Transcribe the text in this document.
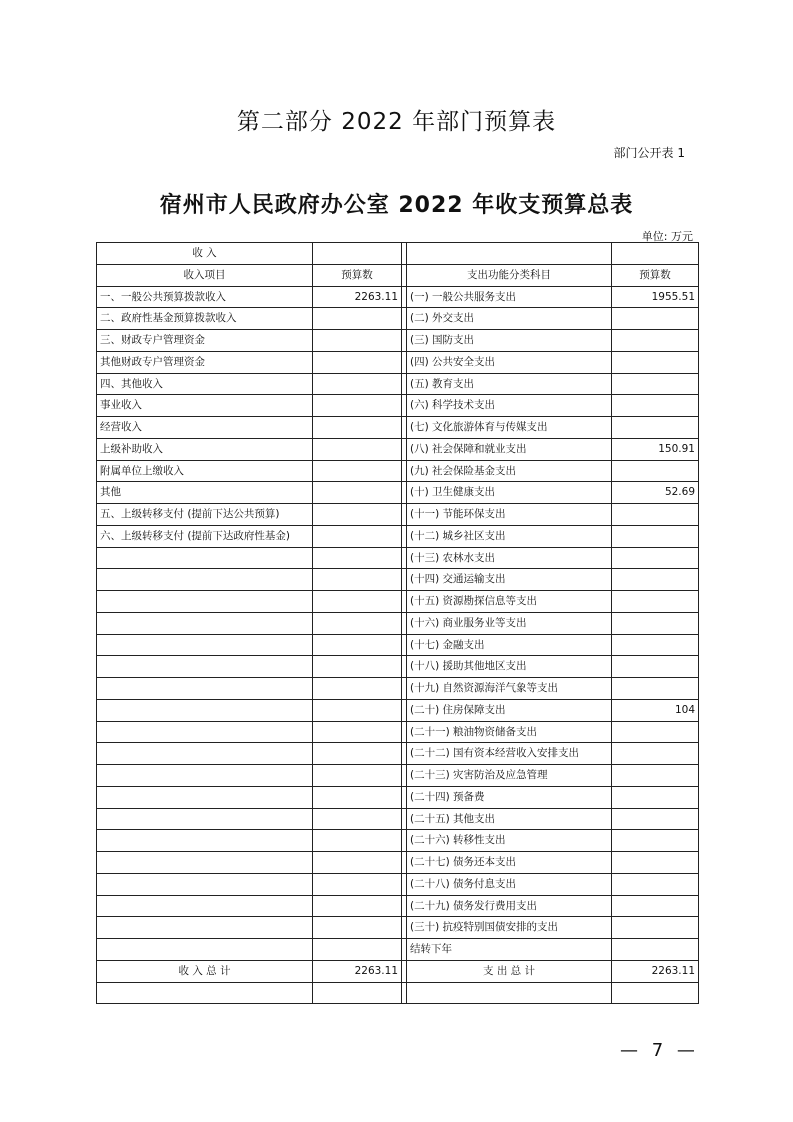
第二部分 2022 年部门预算表
部门公开表 1
宿州市人民政府办公室 2022 年收支预算总表
单位: 万元
收 入				
收入项目	预算数		支出功能分类科目	预算数
一、一般公共预算拨款收入	2263.11		(一) 一般公共服务支出	1955.51
二、政府性基金预算拨款收入			(二) 外交支出	
三、财政专户管理资金			(三) 国防支出	
其他财政专户管理资金			(四) 公共安全支出	
四、其他收入			(五) 教育支出	
事业收入			(六) 科学技术支出	
经营收入			(七) 文化旅游体育与传媒支出	
上级补助收入			(八) 社会保障和就业支出	150.91
附属单位上缴收入			(九) 社会保险基金支出	
其他			(十) 卫生健康支出	52.69
五、上级转移支付 (提前下达公共预算)			(十一) 节能环保支出	
六、上级转移支付 (提前下达政府性基金)			(十二) 城乡社区支出	
			(十三) 农林水支出	
			(十四) 交通运输支出	
			(十五) 资源勘探信息等支出	
			(十六) 商业服务业等支出	
			(十七) 金融支出	
			(十八) 援助其他地区支出	
			(十九) 自然资源海洋气象等支出	
			(二十) 住房保障支出	104
			(二十一) 粮油物资储备支出	
			(二十二) 国有资本经营收入安排支出	
			(二十三) 灾害防治及应急管理	
			(二十四) 预备费	
			(二十五) 其他支出	
			(二十六) 转移性支出	
			(二十七) 债务还本支出	
			(二十八) 债务付息支出	
			(二十九) 债务发行费用支出	
			(三十) 抗疫特别国债安排的支出	
			结转下年	
收 入 总 计	2263.11		支 出 总 计	2263.11

— 7 —
